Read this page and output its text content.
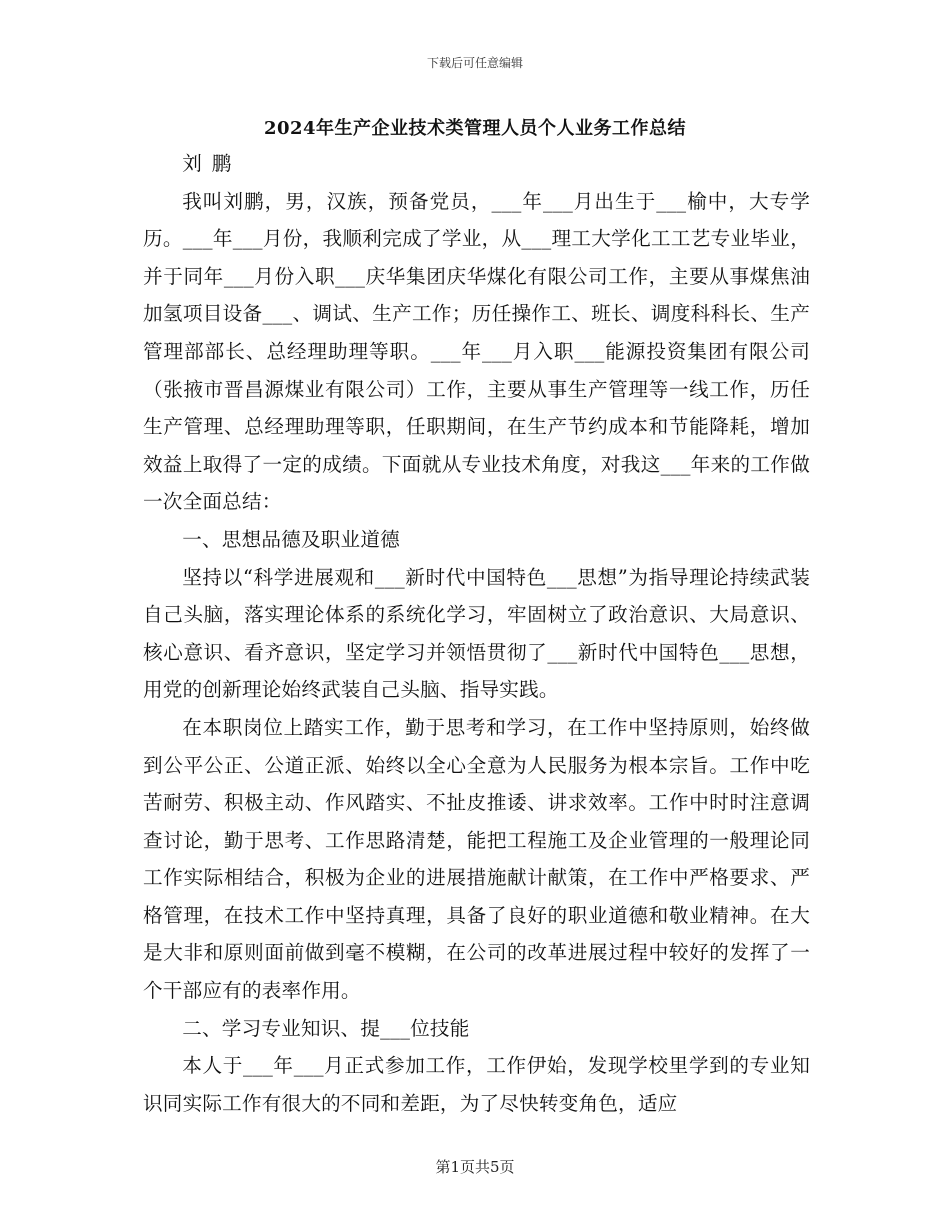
下载后可任意编辑
2024年生产企业技术类管理人员个人业务工作总结

刘鹏

我叫刘鹏，男，汉族，预备党员，___年___月出生于___榆中，大专学历。___年___月份，我顺利完成了学业，从___理工大学化工工艺专业毕业，并于同年___月份入职___庆华集团庆华煤化有限公司工作，主要从事煤焦油加氢项目设备___、调试、生产工作；历任操作工、班长、调度科科长、生产管理部部长、总经理助理等职。___年___月入职___能源投资集团有限公司（张掖市晋昌源煤业有限公司）工作，主要从事生产管理等一线工作，历任生产管理、总经理助理等职，任职期间，在生产节约成本和节能降耗，增加效益上取得了一定的成绩。下面就从专业技术角度，对我这___年来的工作做一次全面总结：

一、思想品德及职业道德

坚持以“科学进展观和___新时代中国特色___思想”为指导理论持续武装自己头脑，落实理论体系的系统化学习，牢固树立了政治意识、大局意识、核心意识、看齐意识，坚定学习并领悟贯彻了___新时代中国特色___思想，用党的创新理论始终武装自己头脑、指导实践。

在本职岗位上踏实工作，勤于思考和学习，在工作中坚持原则，始终做到公平公正、公道正派、始终以全心全意为人民服务为根本宗旨。工作中吃苦耐劳、积极主动、作风踏实、不扯皮推诿、讲求效率。工作中时时注意调查讨论，勤于思考、工作思路清楚，能把工程施工及企业管理的一般理论同工作实际相结合，积极为企业的进展措施献计献策，在工作中严格要求、严格管理，在技术工作中坚持真理，具备了良好的职业道德和敬业精神。在大是大非和原则面前做到毫不模糊，在公司的改革进展过程中较好的发挥了一个干部应有的表率作用。

二、学习专业知识、提___位技能

本人于___年___月正式参加工作，工作伊始，发现学校里学到的专业知识同实际工作有很大的不同和差距，为了尽快转变角色，适应

第1页共5页
